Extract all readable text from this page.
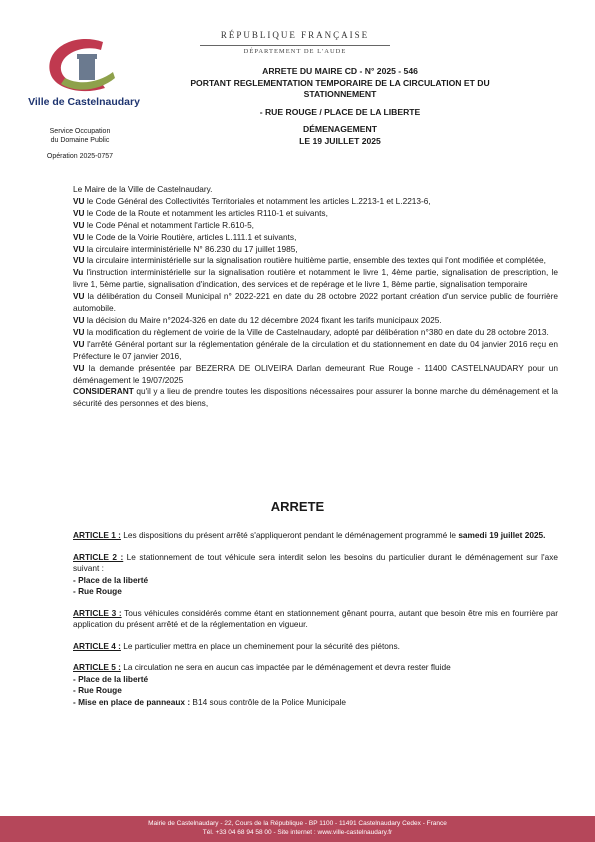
Ville de Castelnaudary
Service Occupation
du Domaine Public
Opération 2025-0757
RÉPUBLIQUE FRANÇAISE
DÉPARTEMENT DE L'AUDE
ARRETE DU MAIRE CD - N° 2025 - 546
PORTANT REGLEMENTATION TEMPORAIRE DE LA CIRCULATION ET DU
STATIONNEMENT
- RUE ROUGE / PLACE DE LA LIBERTE
DÉMENAGEMENT
LE 19 JUILLET 2025

Le Maire de la Ville de Castelnaudary.

VU le Code Général des Collectivités Territoriales et notamment les articles L.2213-1 et L.2213-6,

VU le Code de la Route et notamment les articles R110-1 et suivants,

VU le Code Pénal et notamment l'article R.610-5,

VU le Code de la Voirie Routière, articles L.111.1 et suivants,

VU la circulaire interministérielle N° 86.230 du 17 juillet 1985,

VU la circulaire interministérielle sur la signalisation routière huitième partie, ensemble des textes qui l'ont modifiée et complétée,

Vu l'instruction interministérielle sur la signalisation routière et notamment le livre 1, 4ème partie, signalisation de prescription, le livre 1, 5ème partie, signalisation d'indication, des services et de repérage et le livre 1, 8ème partie, signalisation temporaire

VU la délibération du Conseil Municipal n° 2022-221 en date du 28 octobre 2022 portant création d'un service public de fourrière automobile.

VU la décision du Maire n°2024-326 en date du 12 décembre 2024 fixant les tarifs municipaux 2025.

VU la modification du règlement de voirie de la Ville de Castelnaudary, adopté par délibération n°380 en date du 28 octobre 2013.

VU l'arrêté Général portant sur la réglementation générale de la circulation et du stationnement en date du 04 janvier 2016 reçu en Préfecture le 07 janvier 2016,

VU la demande présentée par BEZERRA DE OLIVEIRA Darlan demeurant Rue Rouge - 11400 CASTELNAUDARY pour un déménagement le 19/07/2025

CONSIDERANT qu'il y a lieu de prendre toutes les dispositions nécessaires pour assurer la bonne marche du déménagement et la sécurité des personnes et des biens,

ARRETE
ARTICLE 1 : Les dispositions du présent arrêté s'appliqueront pendant le déménagement programmé le samedi 19 juillet 2025.
ARTICLE 2 : Le stationnement de tout véhicule sera interdit selon les besoins du particulier durant le déménagement sur l'axe suivant :
- Place de la liberté
- Rue Rouge
ARTICLE 3 : Tous véhicules considérés comme étant en stationnement gênant pourra, autant que besoin être mis en fourrière par application du présent arrêté et de la réglementation en vigueur.
ARTICLE 4 : Le particulier mettra en place un cheminement pour la sécurité des piétons.
ARTICLE 5 : La circulation ne sera en aucun cas impactée par le déménagement et devra rester fluide
- Place de la liberté
- Rue Rouge
- Mise en place de panneaux : B14 sous contrôle de la Police Municipale
Mairie de Castelnaudary - 22, Cours de la République - BP 1100 - 11491 Castelnaudary Cedex - France
Tél. +33 04 68 94 58 00 - Site internet : www.ville-castelnaudary.fr
